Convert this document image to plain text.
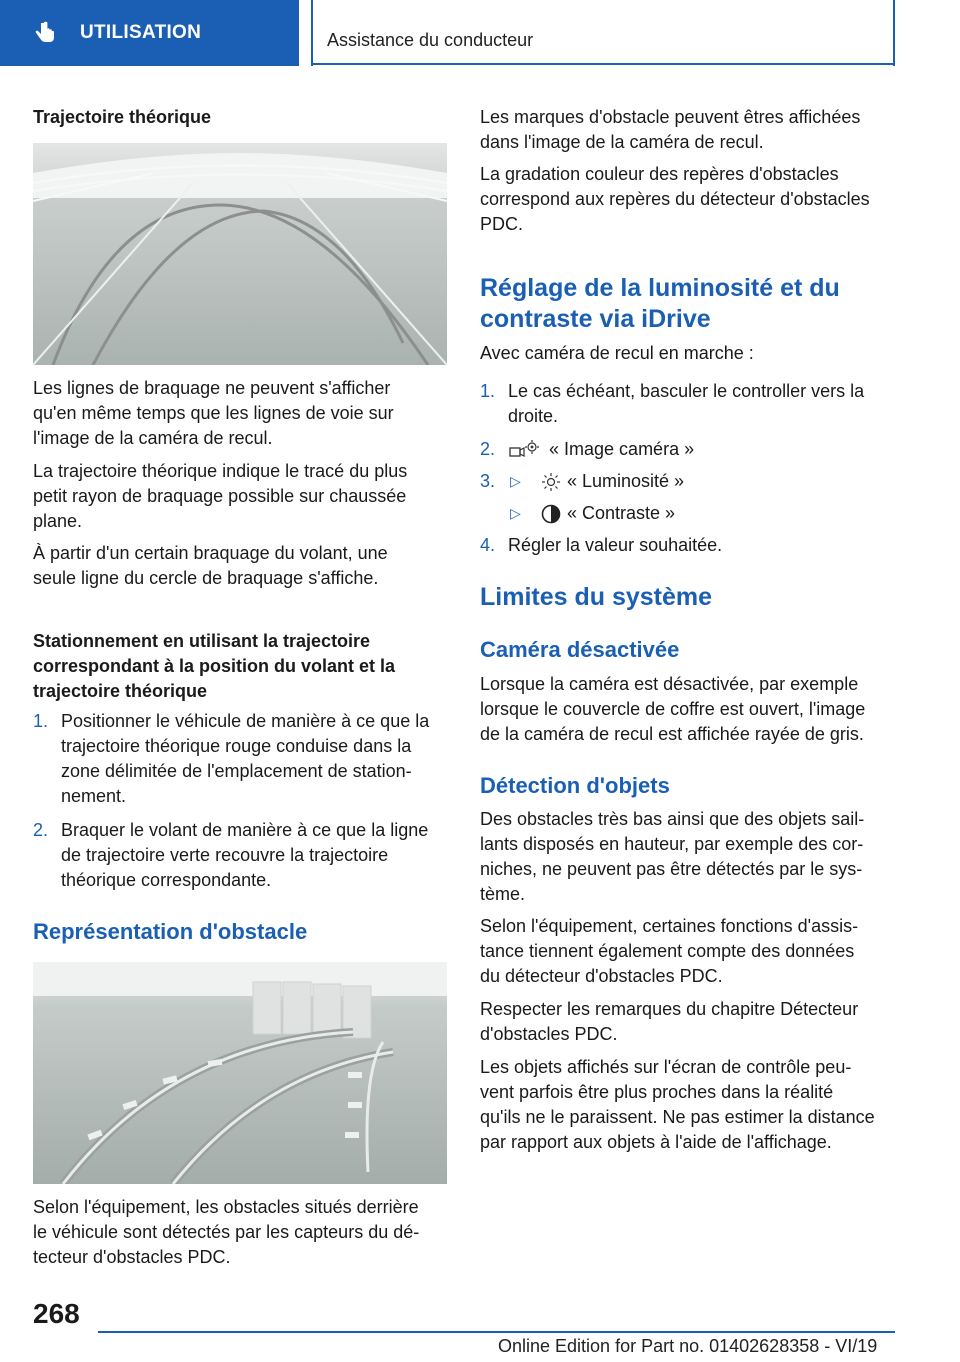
UTILISATION	Assistance du conducteur
Trajectoire théorique
Les lignes de braquage ne peuvent s'afficher
qu'en même temps que les lignes de voie sur
l'image de la caméra de recul.
La trajectoire théorique indique le tracé du plus
petit rayon de braquage possible sur chaussée
plane.
À partir d'un certain braquage du volant, une
seule ligne du cercle de braquage s'affiche.
Stationnement en utilisant la trajectoire
correspondant à la position du volant et la
trajectoire théorique
1. Positionner le véhicule de manière à ce que la
trajectoire théorique rouge conduise dans la
zone délimitée de l'emplacement de station‐
nement.
2. Braquer le volant de manière à ce que la ligne
de trajectoire verte recouvre la trajectoire
théorique correspondante.
Représentation d'obstacle
Selon l'équipement, les obstacles situés derrière
le véhicule sont détectés par les capteurs du dé‐
tecteur d'obstacles PDC.
Les marques d'obstacle peuvent êtres affichées
dans l'image de la caméra de recul.
La gradation couleur des repères d'obstacles
correspond aux repères du détecteur d'obstacles
PDC.
Réglage de la luminosité et du
contraste via iDrive
Avec caméra de recul en marche :
1. Le cas échéant, basculer le controller vers la
droite.
2.	« Image caméra »
3. ▷	« Luminosité »
▷	« Contraste »
4. Régler la valeur souhaitée.
Limites du système
Caméra désactivée
Lorsque la caméra est désactivée, par exemple
lorsque le couvercle de coffre est ouvert, l'image
de la caméra de recul est affichée rayée de gris.
Détection d'objets
Des obstacles très bas ainsi que des objets sail‐
lants disposés en hauteur, par exemple des cor‐
niches, ne peuvent pas être détectés par le sys‐
tème.
Selon l'équipement, certaines fonctions d'assis‐
tance tiennent également compte des données
du détecteur d'obstacles PDC.
Respecter les remarques du chapitre Détecteur
d'obstacles PDC.
Les objets affichés sur l'écran de contrôle peu‐
vent parfois être plus proches dans la réalité
qu'ils ne le paraissent. Ne pas estimer la distance
par rapport aux objets à l'aide de l'affichage.
268
Online Edition for Part no. 01402628358 - VI/19
